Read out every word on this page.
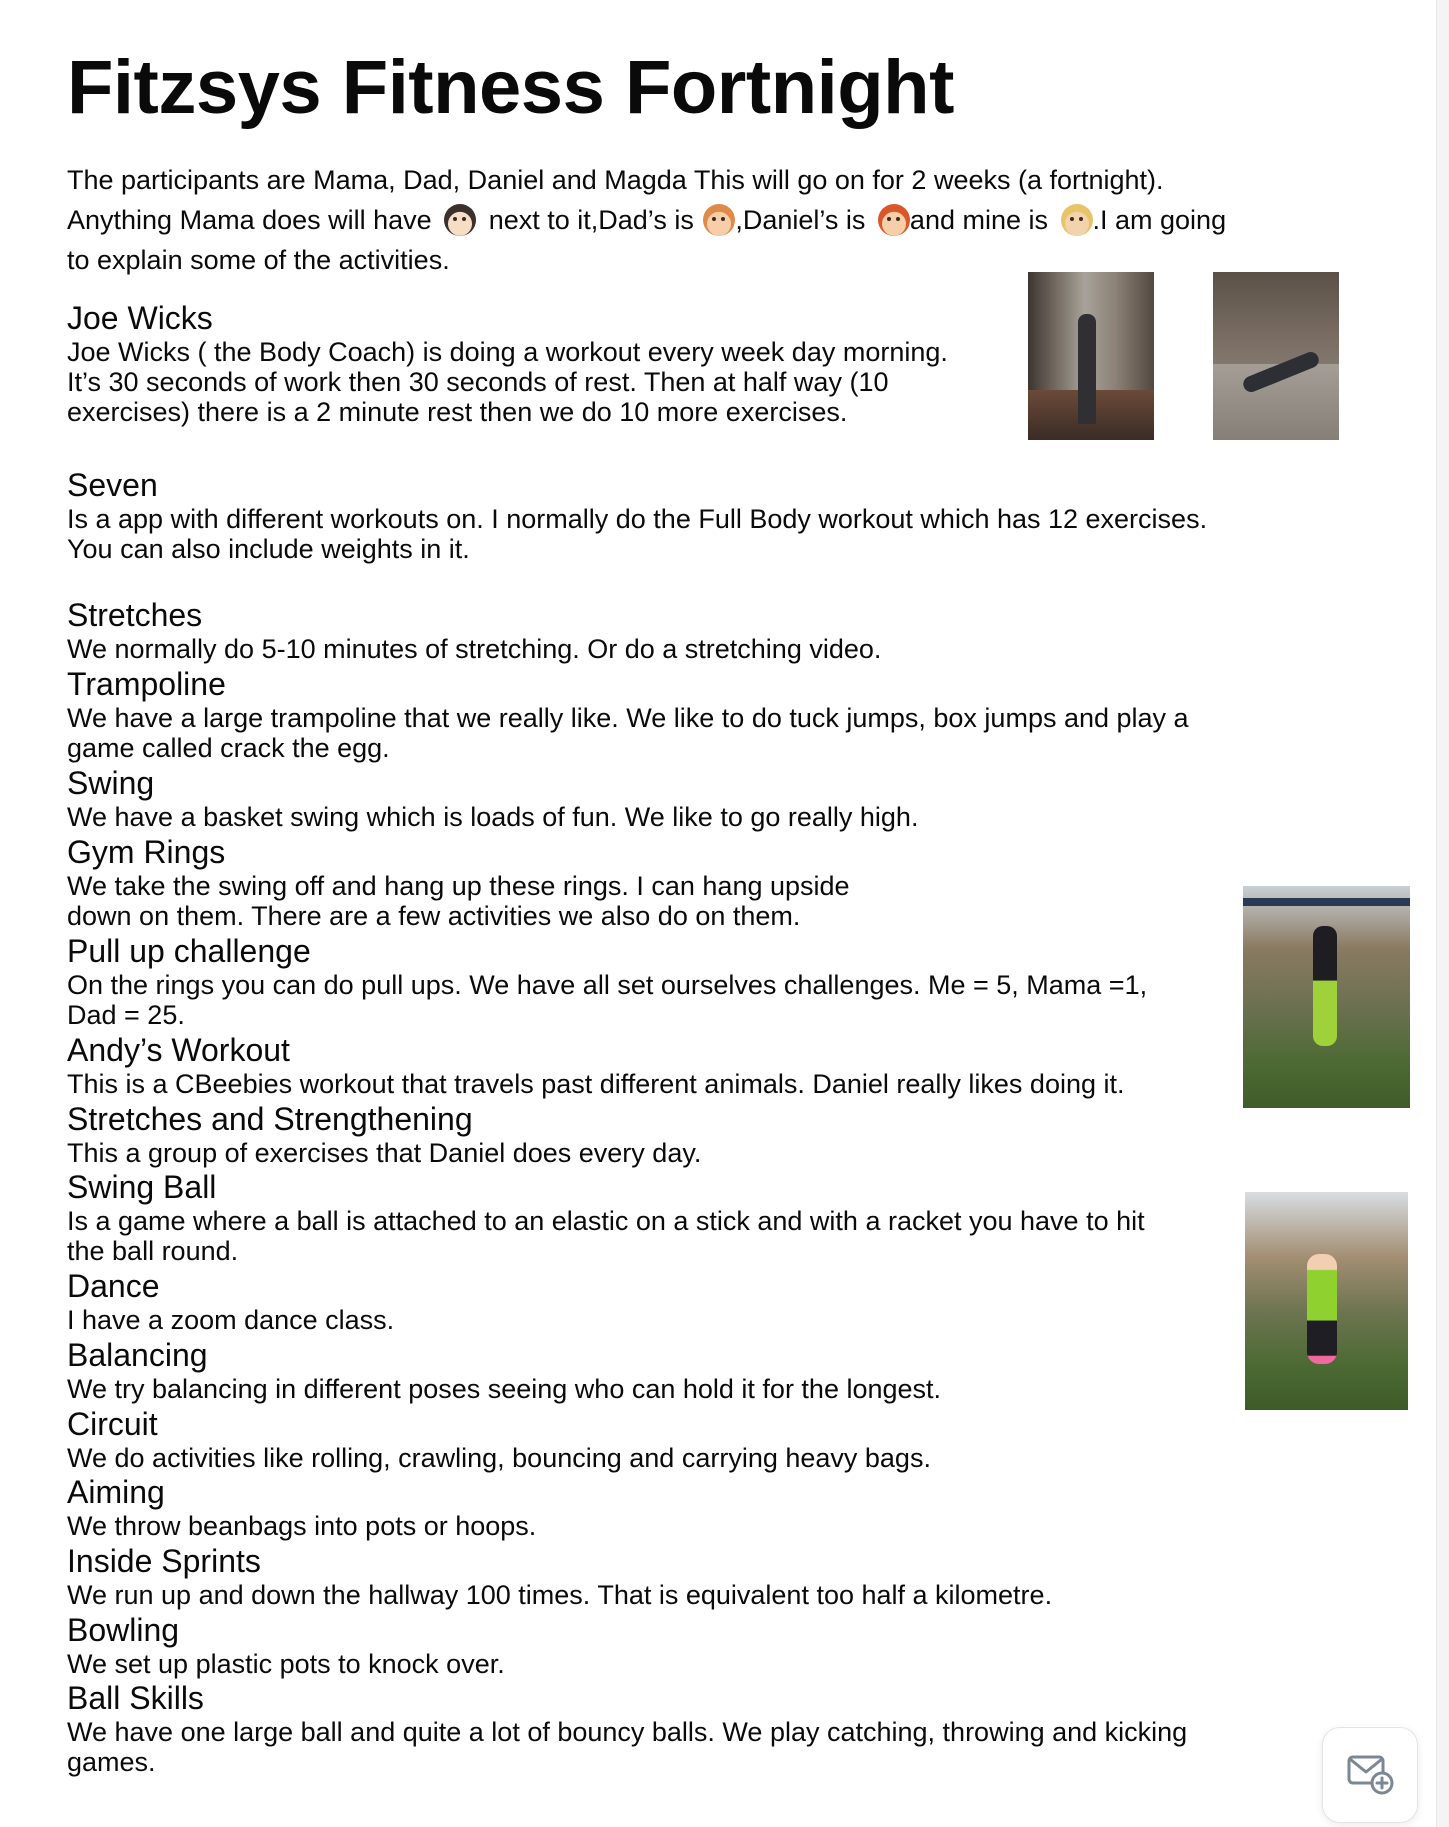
Fitzsys Fitness Fortnight
The participants are Mama, Dad, Daniel and Magda This will go on for 2 weeks (a fortnight).
Anything Mama does will have next to it,Dad’s is ,Daniel’s is and mine is .I am going
to explain some of the activities.
Joe Wicks

Joe Wicks ( the Body Coach) is doing a workout every week day morning.
It’s 30 seconds of work then 30 seconds of rest. Then at half way (10
exercises) there is a 2 minute rest then we do 10 more exercises.

Seven

Is a app with different workouts on. I normally do the Full Body workout which has 12 exercises.
You can also include weights in it.

Stretches

We normally do 5-10 minutes of stretching. Or do a stretching video.

Trampoline

We have a large trampoline that we really like. We like to do tuck jumps, box jumps and play a
game called crack the egg.

Swing

We have a basket swing which is loads of fun. We like to go really high.

Gym Rings

We take the swing off and hang up these rings. I can hang upside
down on them. There are a few activities we also do on them.

Pull up challenge

On the rings you can do pull ups. We have all set ourselves challenges. Me = 5, Mama =1,
Dad = 25.

Andy’s Workout

This is a CBeebies workout that travels past different animals. Daniel really likes doing it.

Stretches and Strengthening

This a group of exercises that Daniel does every day.

Swing Ball

Is a game where a ball is attached to an elastic on a stick and with a racket you have to hit
the ball round.

Dance

I have a zoom dance class.

Balancing

We try balancing in different poses seeing who can hold it for the longest.

Circuit

We do activities like rolling, crawling, bouncing and carrying heavy bags.

Aiming

We throw beanbags into pots or hoops.

Inside Sprints

We run up and down the hallway 100 times. That is equivalent too half a kilometre.

Bowling

We set up plastic pots to knock over.

Ball Skills

We have one large ball and quite a lot of bouncy balls. We play catching, throwing and kicking
games.
